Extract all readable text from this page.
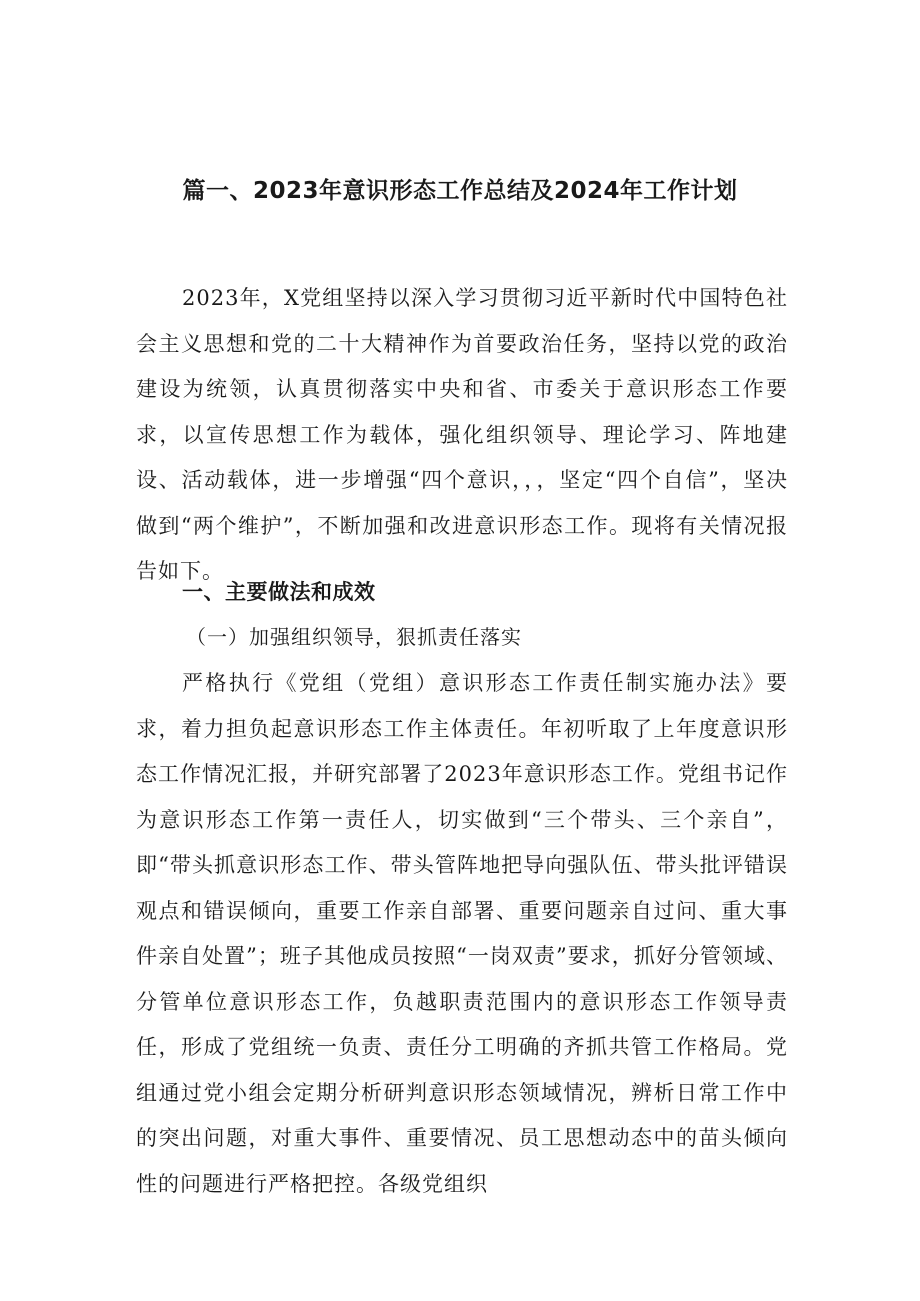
篇一、2023年意识形态工作总结及2024年工作计划

2023年，X党组坚持以深入学习贯彻习近平新时代中国特色社会主义思想和党的二十大精神作为首要政治任务，坚持以党的政治建设为统领，认真贯彻落实中央和省、市委关于意识形态工作要求，以宣传思想工作为载体，强化组织领导、理论学习、阵地建设、活动载体，进一步增强“四个意识，，，坚定“四个自信”，坚决做到“两个维护”，不断加强和改进意识形态工作。现将有关情况报告如下。

一、主要做法和成效
（一）加强组织领导，狠抓责任落实

严格执行《党组（党组）意识形态工作责任制实施办法》要求，着力担负起意识形态工作主体责任。年初听取了上年度意识形态工作情况汇报，并研究部署了2023年意识形态工作。党组书记作为意识形态工作第一责任人，切实做到“三个带头、三个亲自”，即“带头抓意识形态工作、带头管阵地把导向强队伍、带头批评错误观点和错误倾向，重要工作亲自部署、重要问题亲自过问、重大事件亲自处置”；班子其他成员按照“一岗双责”要求，抓好分管领域、分管单位意识形态工作，负越职责范围内的意识形态工作领导责任，形成了党组统一负责、责任分工明确的齐抓共管工作格局。党组通过党小组会定期分析研判意识形态领域情况，辨析日常工作中的突出问题，对重大事件、重要情况、员工思想动态中的苗头倾向性的问题进行严格把控。各级党组织
